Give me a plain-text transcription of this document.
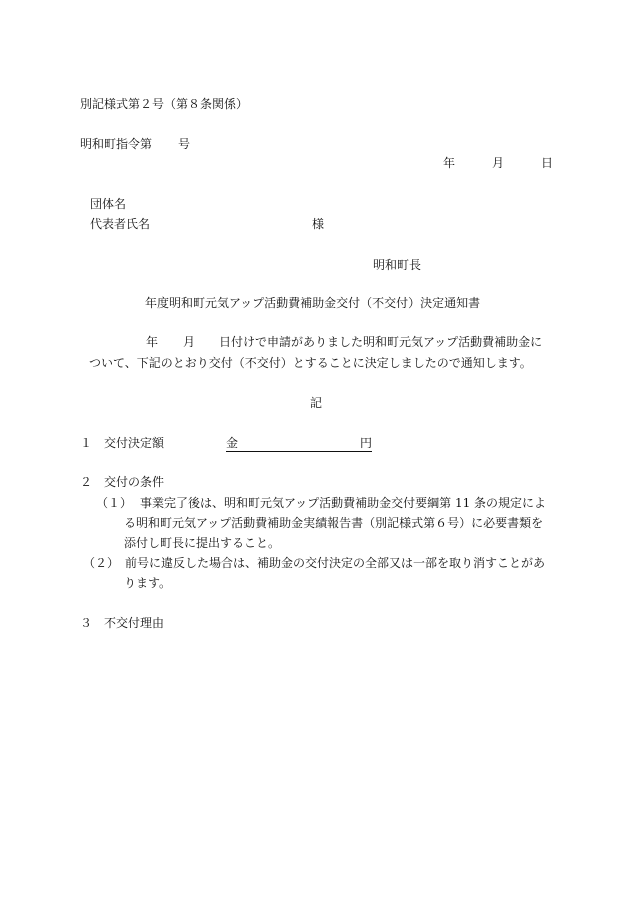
別記様式第２号（第８条関係）
明和町指令第 号
年	月	日
団体名
代表者氏名	様
明和町長
年度明和町元気アップ活動費補助金交付（不交付）決定通知書
年 月 日付けで申請がありました明和町元気アップ活動費補助金に
ついて、下記のとおり交付（不交付）とすることに決定しましたので通知します。
記
１ 交付決定額	金	円
２ 交付の条件
（１） 事業完了後は、明和町元気アップ活動費補助金交付要綱第 11 条の規定によ
る明和町元気アップ活動費補助金実績報告書（別記様式第６号）に必要書類を
添付し町長に提出すること。
（２） 前号に違反した場合は、補助金の交付決定の全部又は一部を取り消すことがあ
ります。
３ 不交付理由
